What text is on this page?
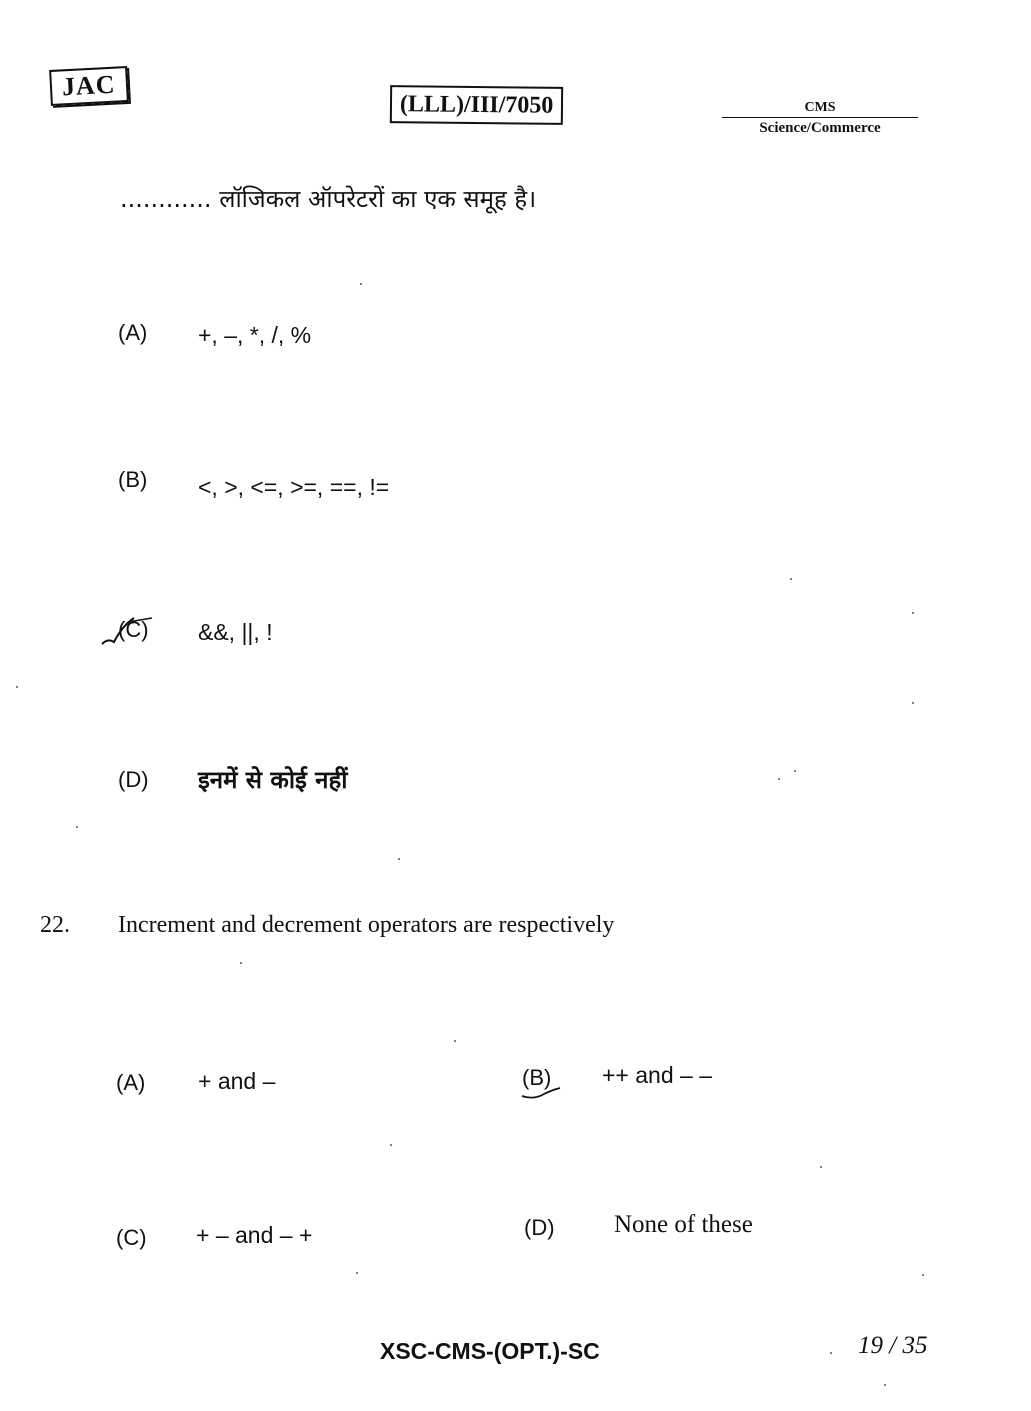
JAC
(LLL)/III/7050	CMS
Science/Commerce
............ लॉजिकल ऑपरेटरों का एक समूह है।
(A) +, –, *, /, %
(B) <, >, <=, >=, ==, !=
(C) &&, ||, !
(D) इनमें से कोई नहीं
22. Increment and decrement operators are respectively
(A) + and –	(B) ++ and – –
(C) + – and – +	(D) None of these
XSC-CMS-(OPT.)-SC	19 / 35
